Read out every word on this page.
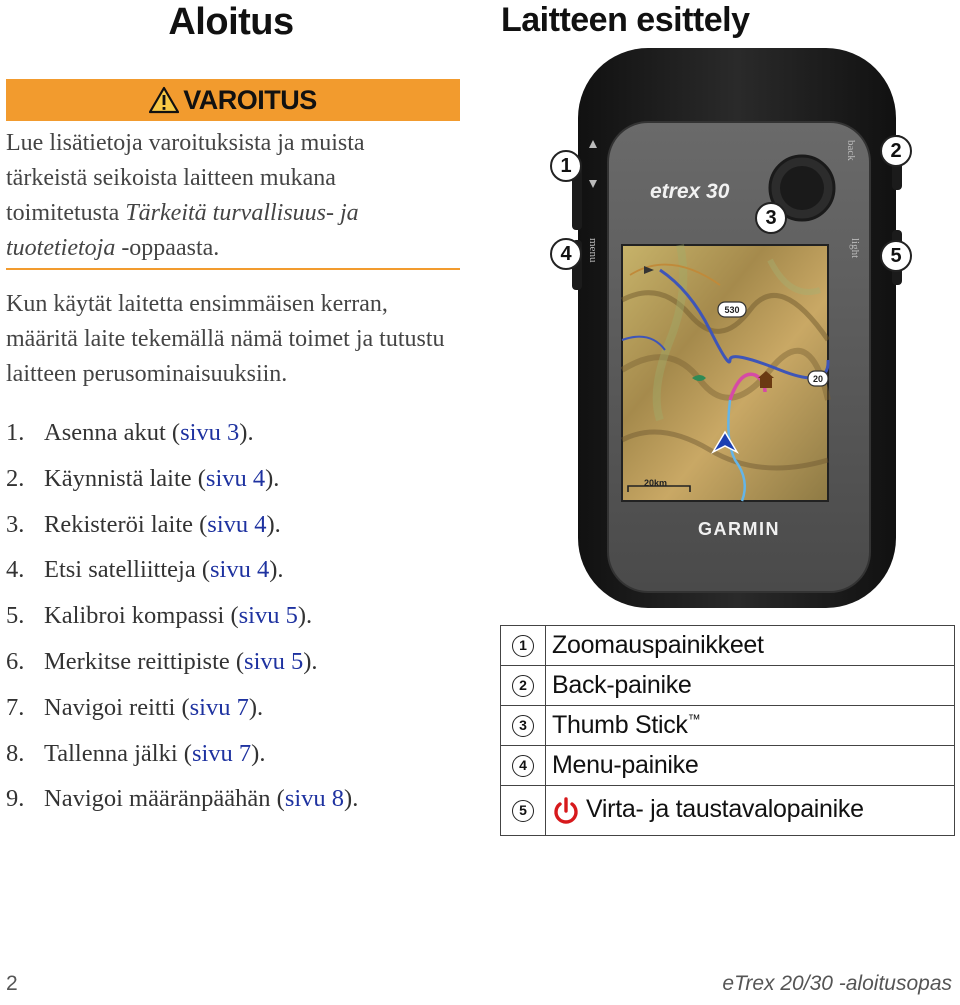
Aloitus
VAROITUS

Lue lisätietoja varoituksista ja muista tärkeistä seikoista laitteen mukana toimitetusta Tärkeitä turvallisuus- ja tuotetietoja -oppaasta.

Kun käytät laitetta ensimmäisen kerran, määritä laite tekemällä nämä toimet ja tutustu laitteen perusominaisuuksiin.

1. Asenna akut (sivu 3).
2. Käynnistä laite (sivu 4).
3. Rekisteröi laite (sivu 4).
4. Etsi satelliitteja (sivu 4).
5. Kalibroi kompassi (sivu 5).
6. Merkitse reittipiste (sivu 5).
7. Navigoi reitti (sivu 7).
8. Tallenna jälki (sivu 7).
9. Navigoi määränpäähän (sivu 8).
Laitteen esittely
etrex 30
back
light
menu
530
20
20km
GARMIN
1
2
3
4	5
1	Zoomauspainikkeet
2	Back-painike
3	Thumb Stick™
4	Menu-painike
5	Virta- ja taustavalopainike
2	eTrex 20/30 -aloitusopas
